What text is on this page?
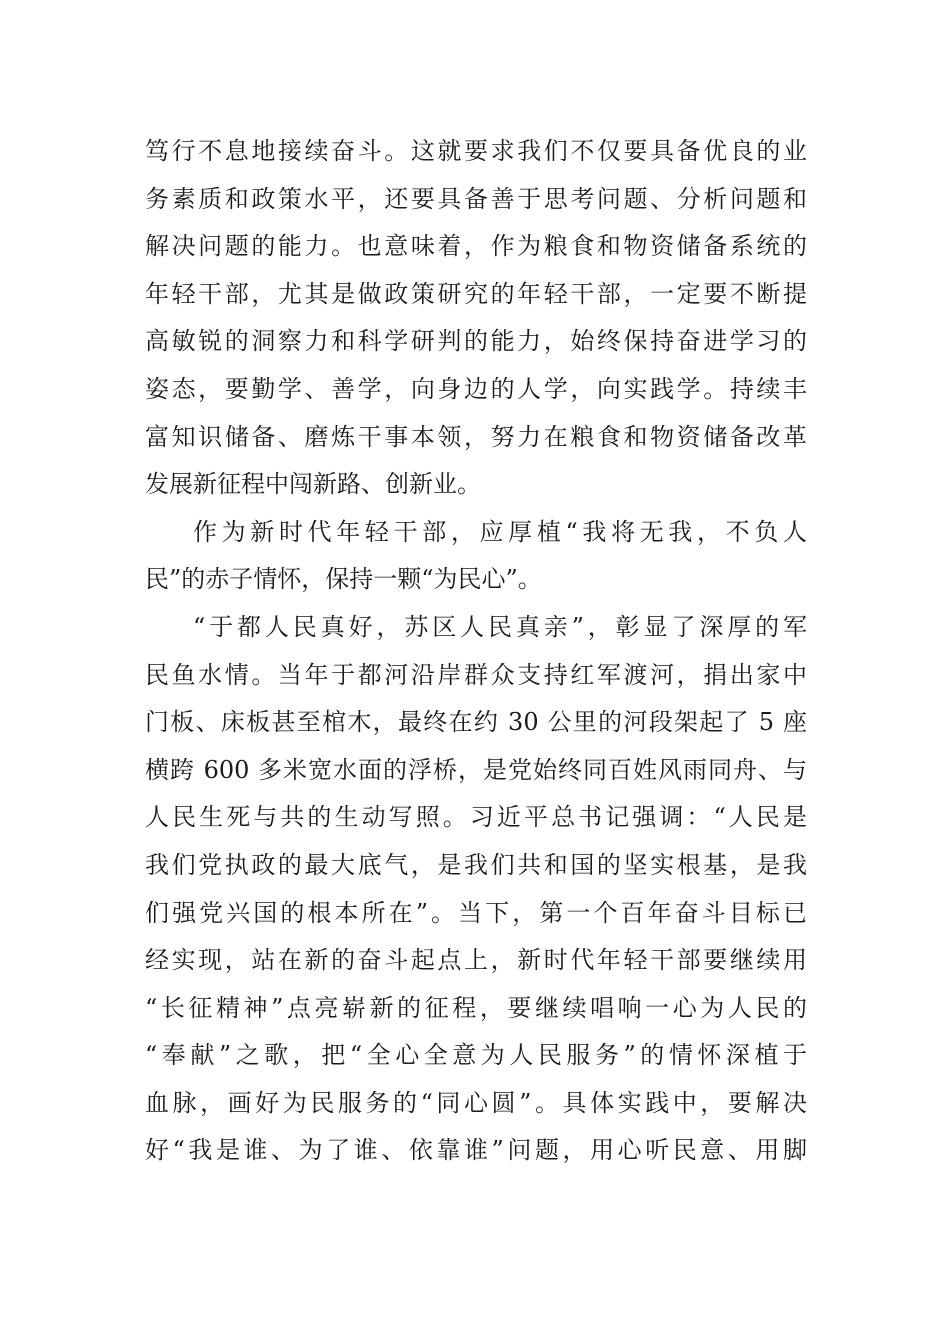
笃行不息地接续奋斗。这就要求我们不仅要具备优良的业
务素质和政策水平，还要具备善于思考问题、分析问题和
解决问题的能力。也意味着，作为粮食和物资储备系统的
年轻干部，尤其是做政策研究的年轻干部，一定要不断提
高敏锐的洞察力和科学研判的能力，始终保持奋进学习的
姿态，要勤学、善学，向身边的人学，向实践学。持续丰
富知识储备、磨炼干事本领，努力在粮食和物资储备改革
发展新征程中闯新路、创新业。
作为新时代年轻干部，应厚植“我将无我，不负人
民”的赤子情怀，保持一颗“为民心”。
“于都人民真好，苏区人民真亲”，彰显了深厚的军
民鱼水情。当年于都河沿岸群众支持红军渡河，捐出家中
门板、床板甚至棺木，最终在约 30 公里的河段架起了 5 座
横跨 600 多米宽水面的浮桥，是党始终同百姓风雨同舟、与
人民生死与共的生动写照。习近平总书记强调：“人民是
我们党执政的最大底气，是我们共和国的坚实根基，是我
们强党兴国的根本所在”。当下，第一个百年奋斗目标已
经实现，站在新的奋斗起点上，新时代年轻干部要继续用
“长征精神”点亮崭新的征程，要继续唱响一心为人民的
“奉献”之歌，把“全心全意为人民服务”的情怀深植于
血脉，画好为民服务的“同心圆”。具体实践中，要解决
好“我是谁、为了谁、依靠谁”问题，用心听民意、用脚
